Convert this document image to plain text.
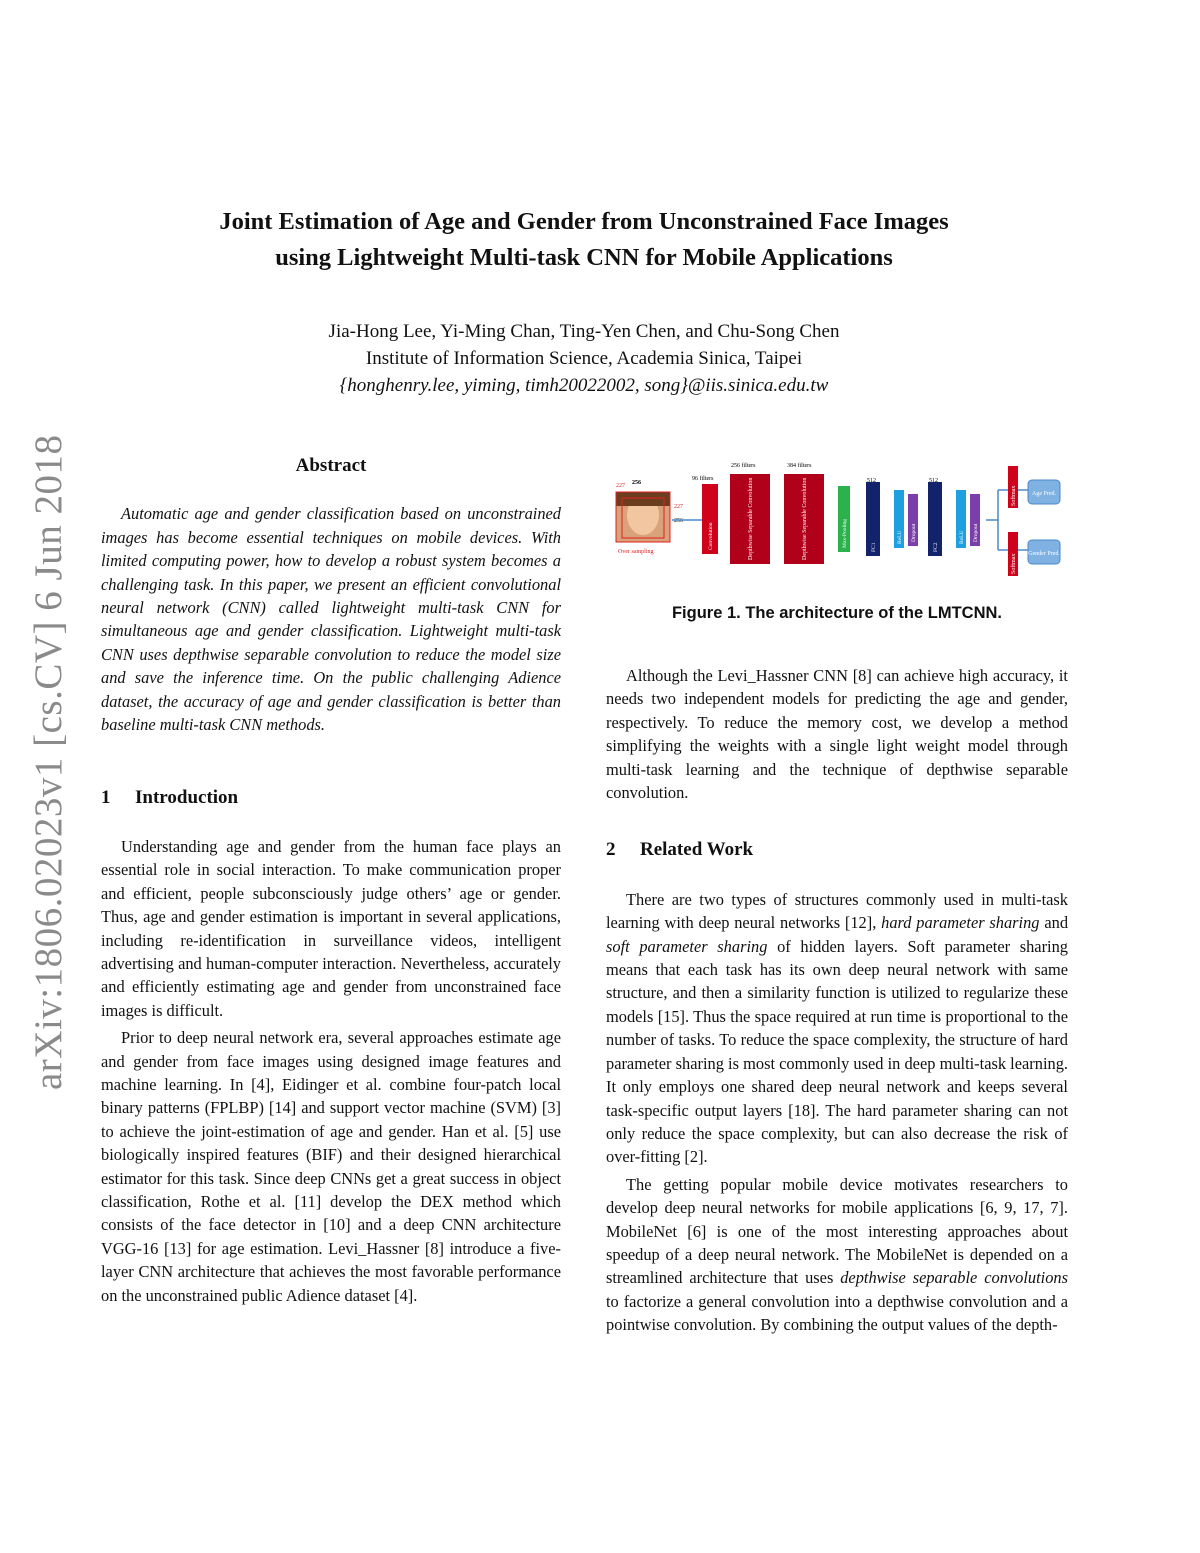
arXiv:1806.02023v1 [cs.CV] 6 Jun 2018
Joint Estimation of Age and Gender from Unconstrained Face Images
using Lightweight Multi-task CNN for Mobile Applications
Jia-Hong Lee, Yi-Ming Chan, Ting-Yen Chen, and Chu-Song Chen
Institute of Information Science, Academia Sinica, Taipei
{honghenry.lee, yiming, timh20022002, song}@iis.sinica.edu.tw
Abstract

Automatic age and gender classification based on unconstrained images has become essential techniques on mobile devices. With limited computing power, how to develop a robust system becomes a challenging task. In this paper, we present an efficient convolutional neural network (CNN) called lightweight multi-task CNN for simultaneous age and gender classification. Lightweight multi-task CNN uses depthwise separable convolution to reduce the model size and save the inference time. On the public challenging Adience dataset, the accuracy of age and gender classification is better than baseline multi-task CNN methods.

1	Introduction

Understanding age and gender from the human face plays an essential role in social interaction. To make communication proper and efficient, people subconsciously judge others’ age or gender. Thus, age and gender estimation is important in several applications, including re-identification in surveillance videos, intelligent advertising and human-computer interaction. Nevertheless, accurately and efficiently estimating age and gender from unconstrained face images is difficult.

Prior to deep neural network era, several approaches estimate age and gender from face images using designed image features and machine learning. In [4], Eidinger et al. combine four-patch local binary patterns (FPLBP) [14] and support vector machine (SVM) [3] to achieve the joint-estimation of age and gender. Han et al. [5] use biologically inspired features (BIF) and their designed hierarchical estimator for this task. Since deep CNNs get a great success in object classification, Rothe et al. [11] develop the DEX method which consists of the face detector in [10] and a deep CNN architecture VGG-16 [13] for age estimation. Levi_Hassner [8] introduce a five-layer CNN architecture that achieves the most favorable performance on the unconstrained public Adience dataset [4].

227 256
227
256
Over sampling
Convolution	Depthwise Separable Convolution	Depthwise Separable Convolution	Max-Pooling	FC1
ReLU Dropout
FC2
ReLU Dropout
96 filters
256 filters	384 filters
512	512
Softmax
Softmax
Age Pred.
Gender Pred.
Figure 1. The architecture of the LMTCNN.

Although the Levi_Hassner CNN [8] can achieve high accuracy, it needs two independent models for predicting the age and gender, respectively. To reduce the memory cost, we develop a method simplifying the weights with a single light weight model through multi-task learning and the technique of depthwise separable convolution.

2	Related Work

There are two types of structures commonly used in multi-task learning with deep neural networks [12], hard parameter sharing and soft parameter sharing of hidden layers. Soft parameter sharing means that each task has its own deep neural network with same structure, and then a similarity function is utilized to regularize these models [15]. Thus the space required at run time is proportional to the number of tasks. To reduce the space complexity, the structure of hard parameter sharing is most commonly used in deep multi-task learning. It only employs one shared deep neural network and keeps several task-specific output layers [18]. The hard parameter sharing can not only reduce the space complexity, but can also decrease the risk of over-fitting [2].

The getting popular mobile device motivates researchers to develop deep neural networks for mobile applications [6, 9, 17, 7]. MobileNet [6] is one of the most interesting approaches about speedup of a deep neural network. The MobileNet is depended on a streamlined architecture that uses depthwise separable convolutions to factorize a general convolution into a depthwise convolution and a pointwise convolution. By combining the output values of the depth-
